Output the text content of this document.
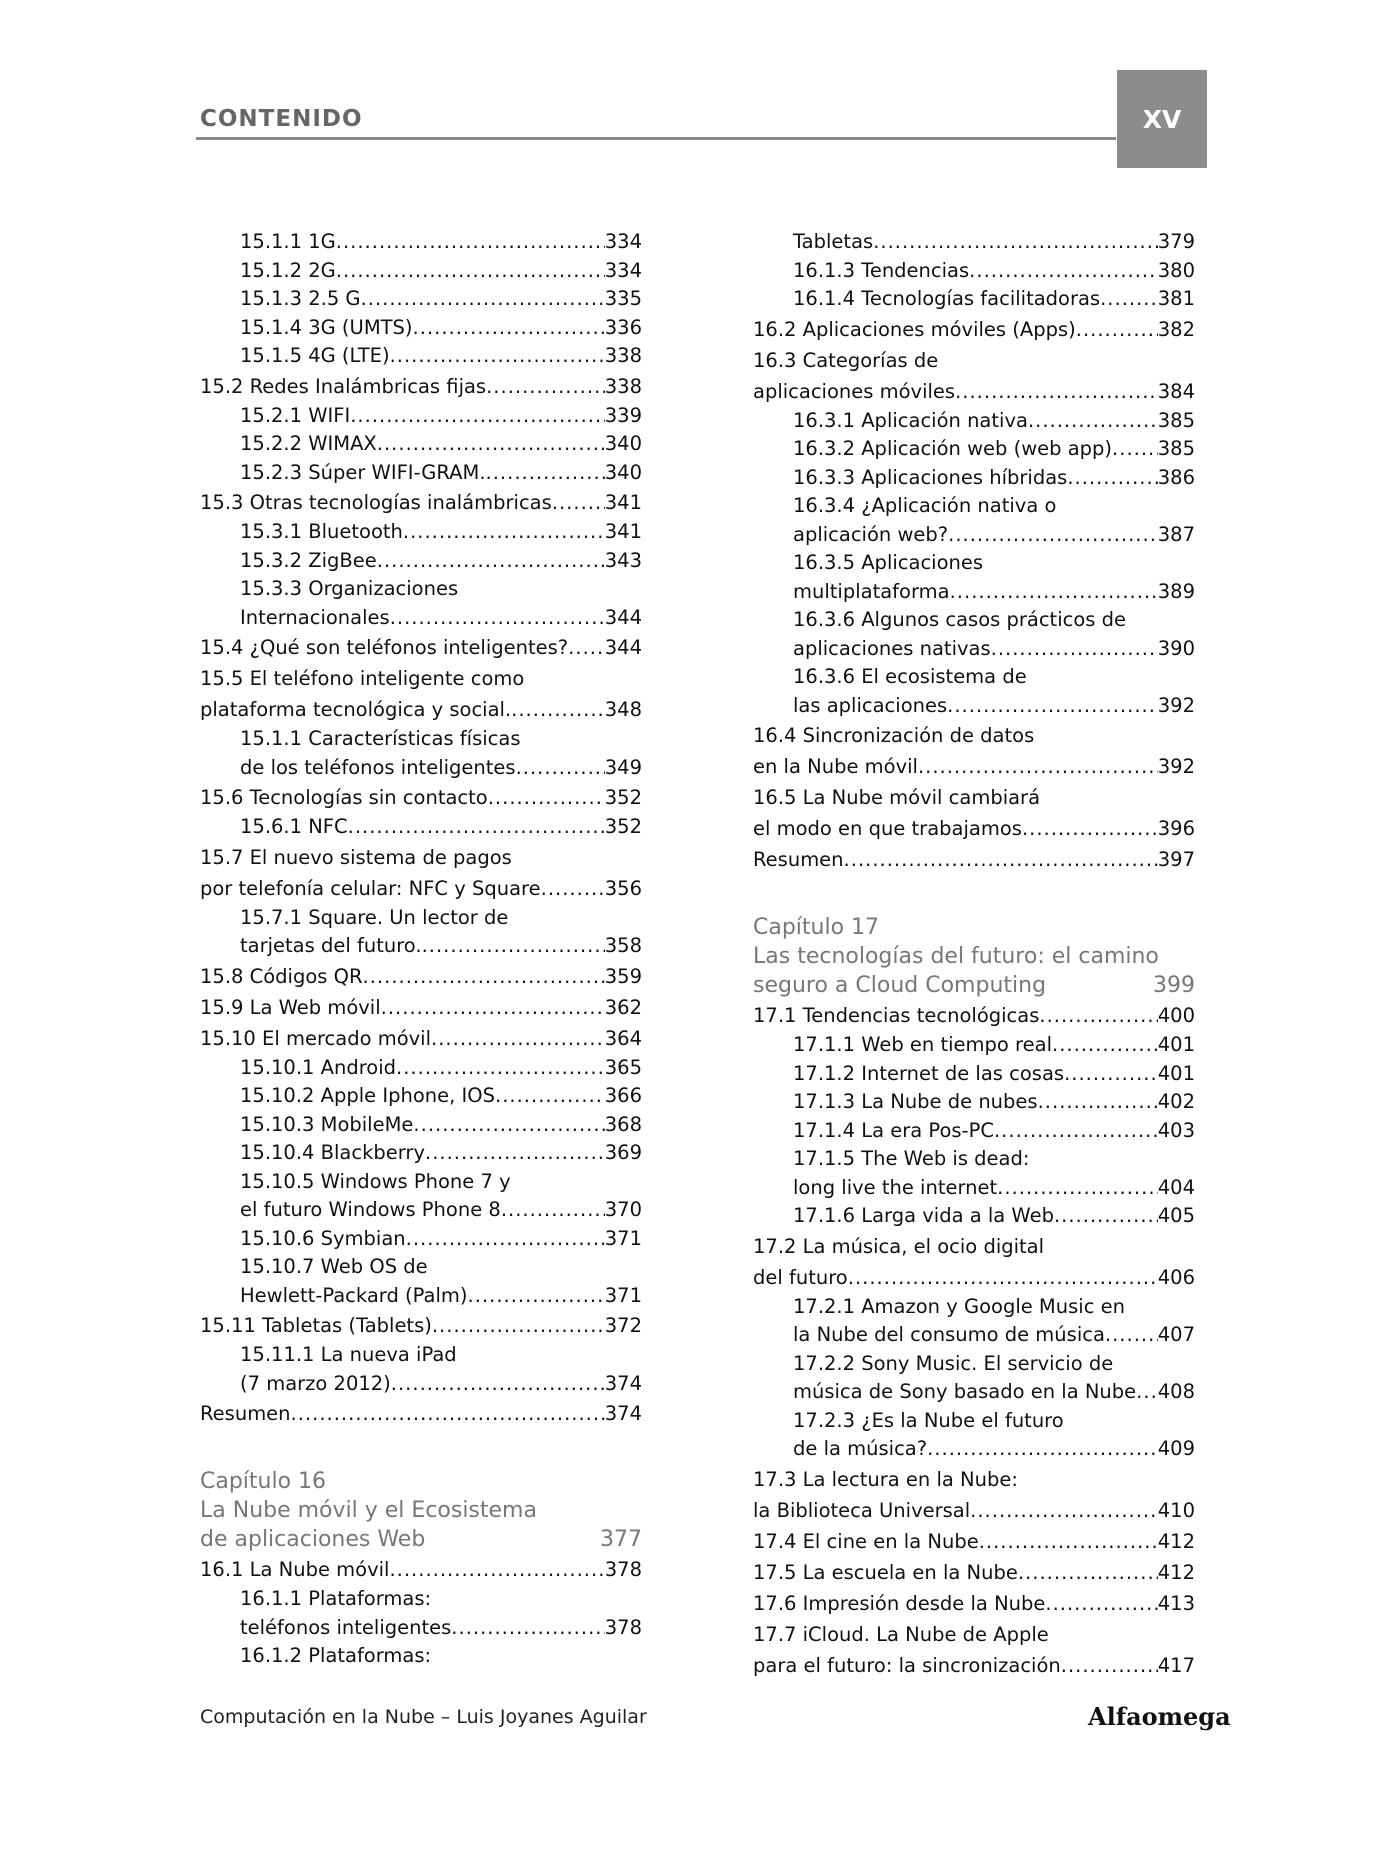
CONTENIDO	XV
15.1.1 1G .....	334
15.1.2 2G .....	334
15.1.3 2.5 G .....	335
15.1.4 3G (UMTS) .....	336
15.1.5 4G (LTE) .....	338
15.2 Redes Inalámbricas fijas .....	338
15.2.1 WIFI .....	339
15.2.2 WIMAX .....	340
15.2.3 Súper WIFI-GRAM. .....	340
15.3 Otras tecnologías inalámbricas .....	341
15.3.1 Bluetooth .....	341
15.3.2 ZigBee .....	343
15.3.3 Organizaciones
Internacionales .....	344
15.4 ¿Qué son teléfonos inteligentes? ..... 344
15.5 El teléfono inteligente como
plataforma tecnológica y social. .....	348
15.1.1 Características físicas
de los teléfonos inteligentes .....	349
15.6 Tecnologías sin contacto .....	352
15.6.1 NFC .....	352
15.7 El nuevo sistema de pagos
por telefonía celular: NFC y Square .....	356
15.7.1 Square. Un lector de
tarjetas del futuro. .....	358
15.8 Códigos QR .....	359
15.9 La Web móvil .....	362
15.10 El mercado móvil .....	364
15.10.1 Android .....	365
15.10.2 Apple Iphone, IOS .....	366
15.10.3 MobileMe .....	368
15.10.4 Blackberry .....	369
15.10.5 Windows Phone 7 y
el futuro Windows Phone 8 .....	370
15.10.6 Symbian .....	371
15.10.7 Web OS de
Hewlett-Packard (Palm) .....	371
15.11 Tabletas (Tablets) .....	372
15.11.1 La nueva iPad
(7 marzo 2012) .....	374
Resumen .....	374
Capítulo 16
La Nube móvil y el Ecosistema
de aplicaciones Web	377
16.1 La Nube móvil .....	378
16.1.1 Plataformas:
teléfonos inteligentes .....	378
16.1.2 Plataformas:
Tabletas .....	379
16.1.3 Tendencias .....	380
16.1.4 Tecnologías facilitadoras .....	381
16.2 Aplicaciones móviles (Apps) .....	382
16.3 Categorías de
aplicaciones móviles .....	384
16.3.1 Aplicación nativa .....	385
16.3.2 Aplicación web (web app) ..... 385
16.3.3 Aplicaciones híbridas .....	386
16.3.4 ¿Aplicación nativa o
aplicación web? .....	387
16.3.5 Aplicaciones
multiplataforma .....	389
16.3.6 Algunos casos prácticos de
aplicaciones nativas .....	390
16.3.6 El ecosistema de
las aplicaciones .....	392
16.4 Sincronización de datos
en la Nube móvil .....	392
16.5 La Nube móvil cambiará
el modo en que trabajamos .....	396
Resumen .....	397
Capítulo 17
Las tecnologías del futuro: el camino
seguro a Cloud Computing	399
17.1 Tendencias tecnológicas .....	400
17.1.1 Web en tiempo real .....	401
17.1.2 Internet de las cosas .....	401
17.1.3 La Nube de nubes .....	402
17.1.4 La era Pos-PC .....	403
17.1.5 The Web is dead:
long live the internet .....	404
17.1.6 Larga vida a la Web .....	405
17.2 La música, el ocio digital
del futuro .....	406
17.2.1 Amazon y Google Music en
la Nube del consumo de música .....	407
17.2.2 Sony Music. El servicio de
música de Sony basado en la Nube ..... 408
17.2.3 ¿Es la Nube el futuro
de la música? .....	409
17.3 La lectura en la Nube:
la Biblioteca Universal .....	410
17.4 El cine en la Nube .....	412
17.5 La escuela en la Nube .....	412
17.6 Impresión desde la Nube .....	413
17.7 iCloud. La Nube de Apple
para el futuro: la sincronización .....	417
Computación en la Nube – Luis Joyanes Aguilar	Alfaomega
